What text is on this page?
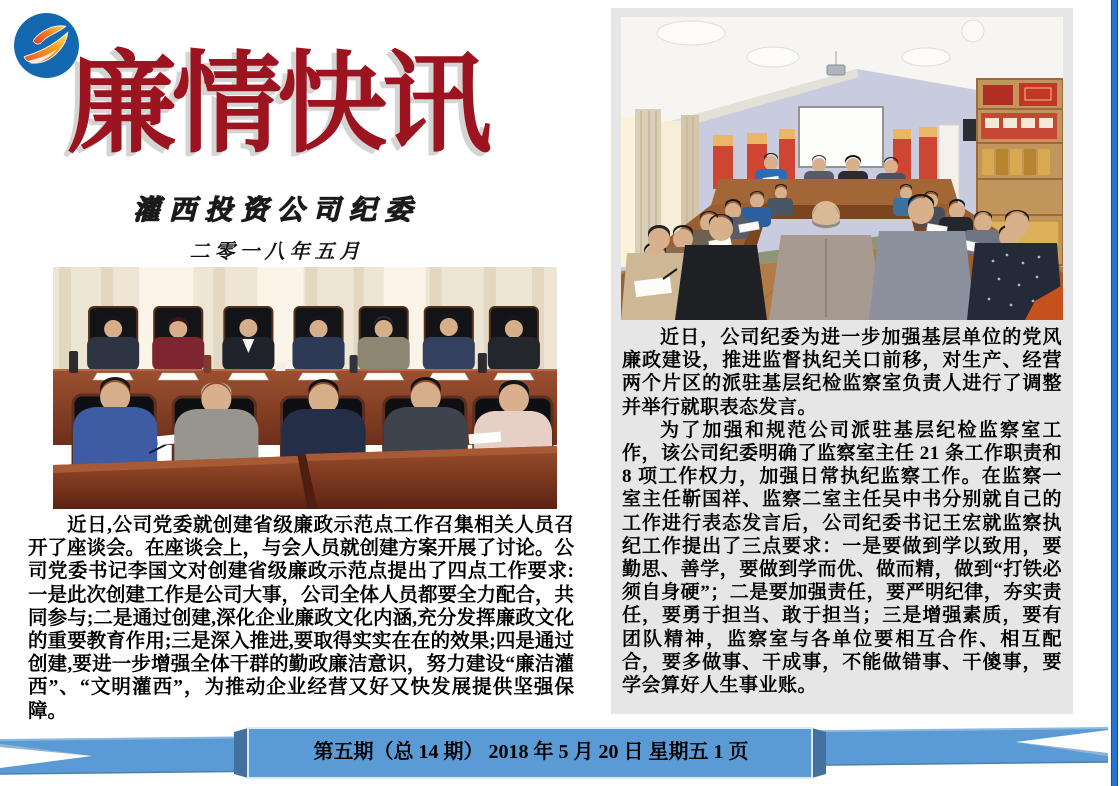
廉情快讯
灌西投资公司纪委
二零一八年五月

近日,公司党委就创建省级廉政示范点工作召集相关人员召开了座谈会。在座谈会上，与会人员就创建方案开展了讨论。公司党委书记李国文对创建省级廉政示范点提出了四点工作要求:一是此次创建工作是公司大事，公司全体人员都要全力配合，共同参与;二是通过创建,深化企业廉政文化内涵,充分发挥廉政文化的重要教育作用;三是深入推进,要取得实实在在的效果;四是通过创建,要进一步增强全体干群的勤政廉洁意识，努力建设“廉洁灌西”、“文明灌西”，为推动企业经营又好又快发展提供坚强保障。

近日，公司纪委为进一步加强基层单位的党风廉政建设，推进监督执纪关口前移，对生产、经营两个片区的派驻基层纪检监察室负责人进行了调整并举行就职表态发言。

为了加强和规范公司派驻基层纪检监察室工作，该公司纪委明确了监察室主任 21 条工作职责和 8 项工作权力，加强日常执纪监察工作。在监察一室主任靳国祥、监察二室主任吴中书分别就自己的工作进行表态发言后，公司纪委书记王宏就监察执纪工作提出了三点要求：一是要做到学以致用，要勤思、善学，要做到学而优、做而精，做到“打铁必须自身硬”；二是要加强责任，要严明纪律，夯实责任，要勇于担当、敢于担当；三是增强素质，要有团队精神，监察室与各单位要相互合作、相互配合，要多做事、干成事，不能做错事、干傻事，要学会算好人生事业账。

第五期（总 14 期） 2018 年 5 月 20 日 星期五 1 页
